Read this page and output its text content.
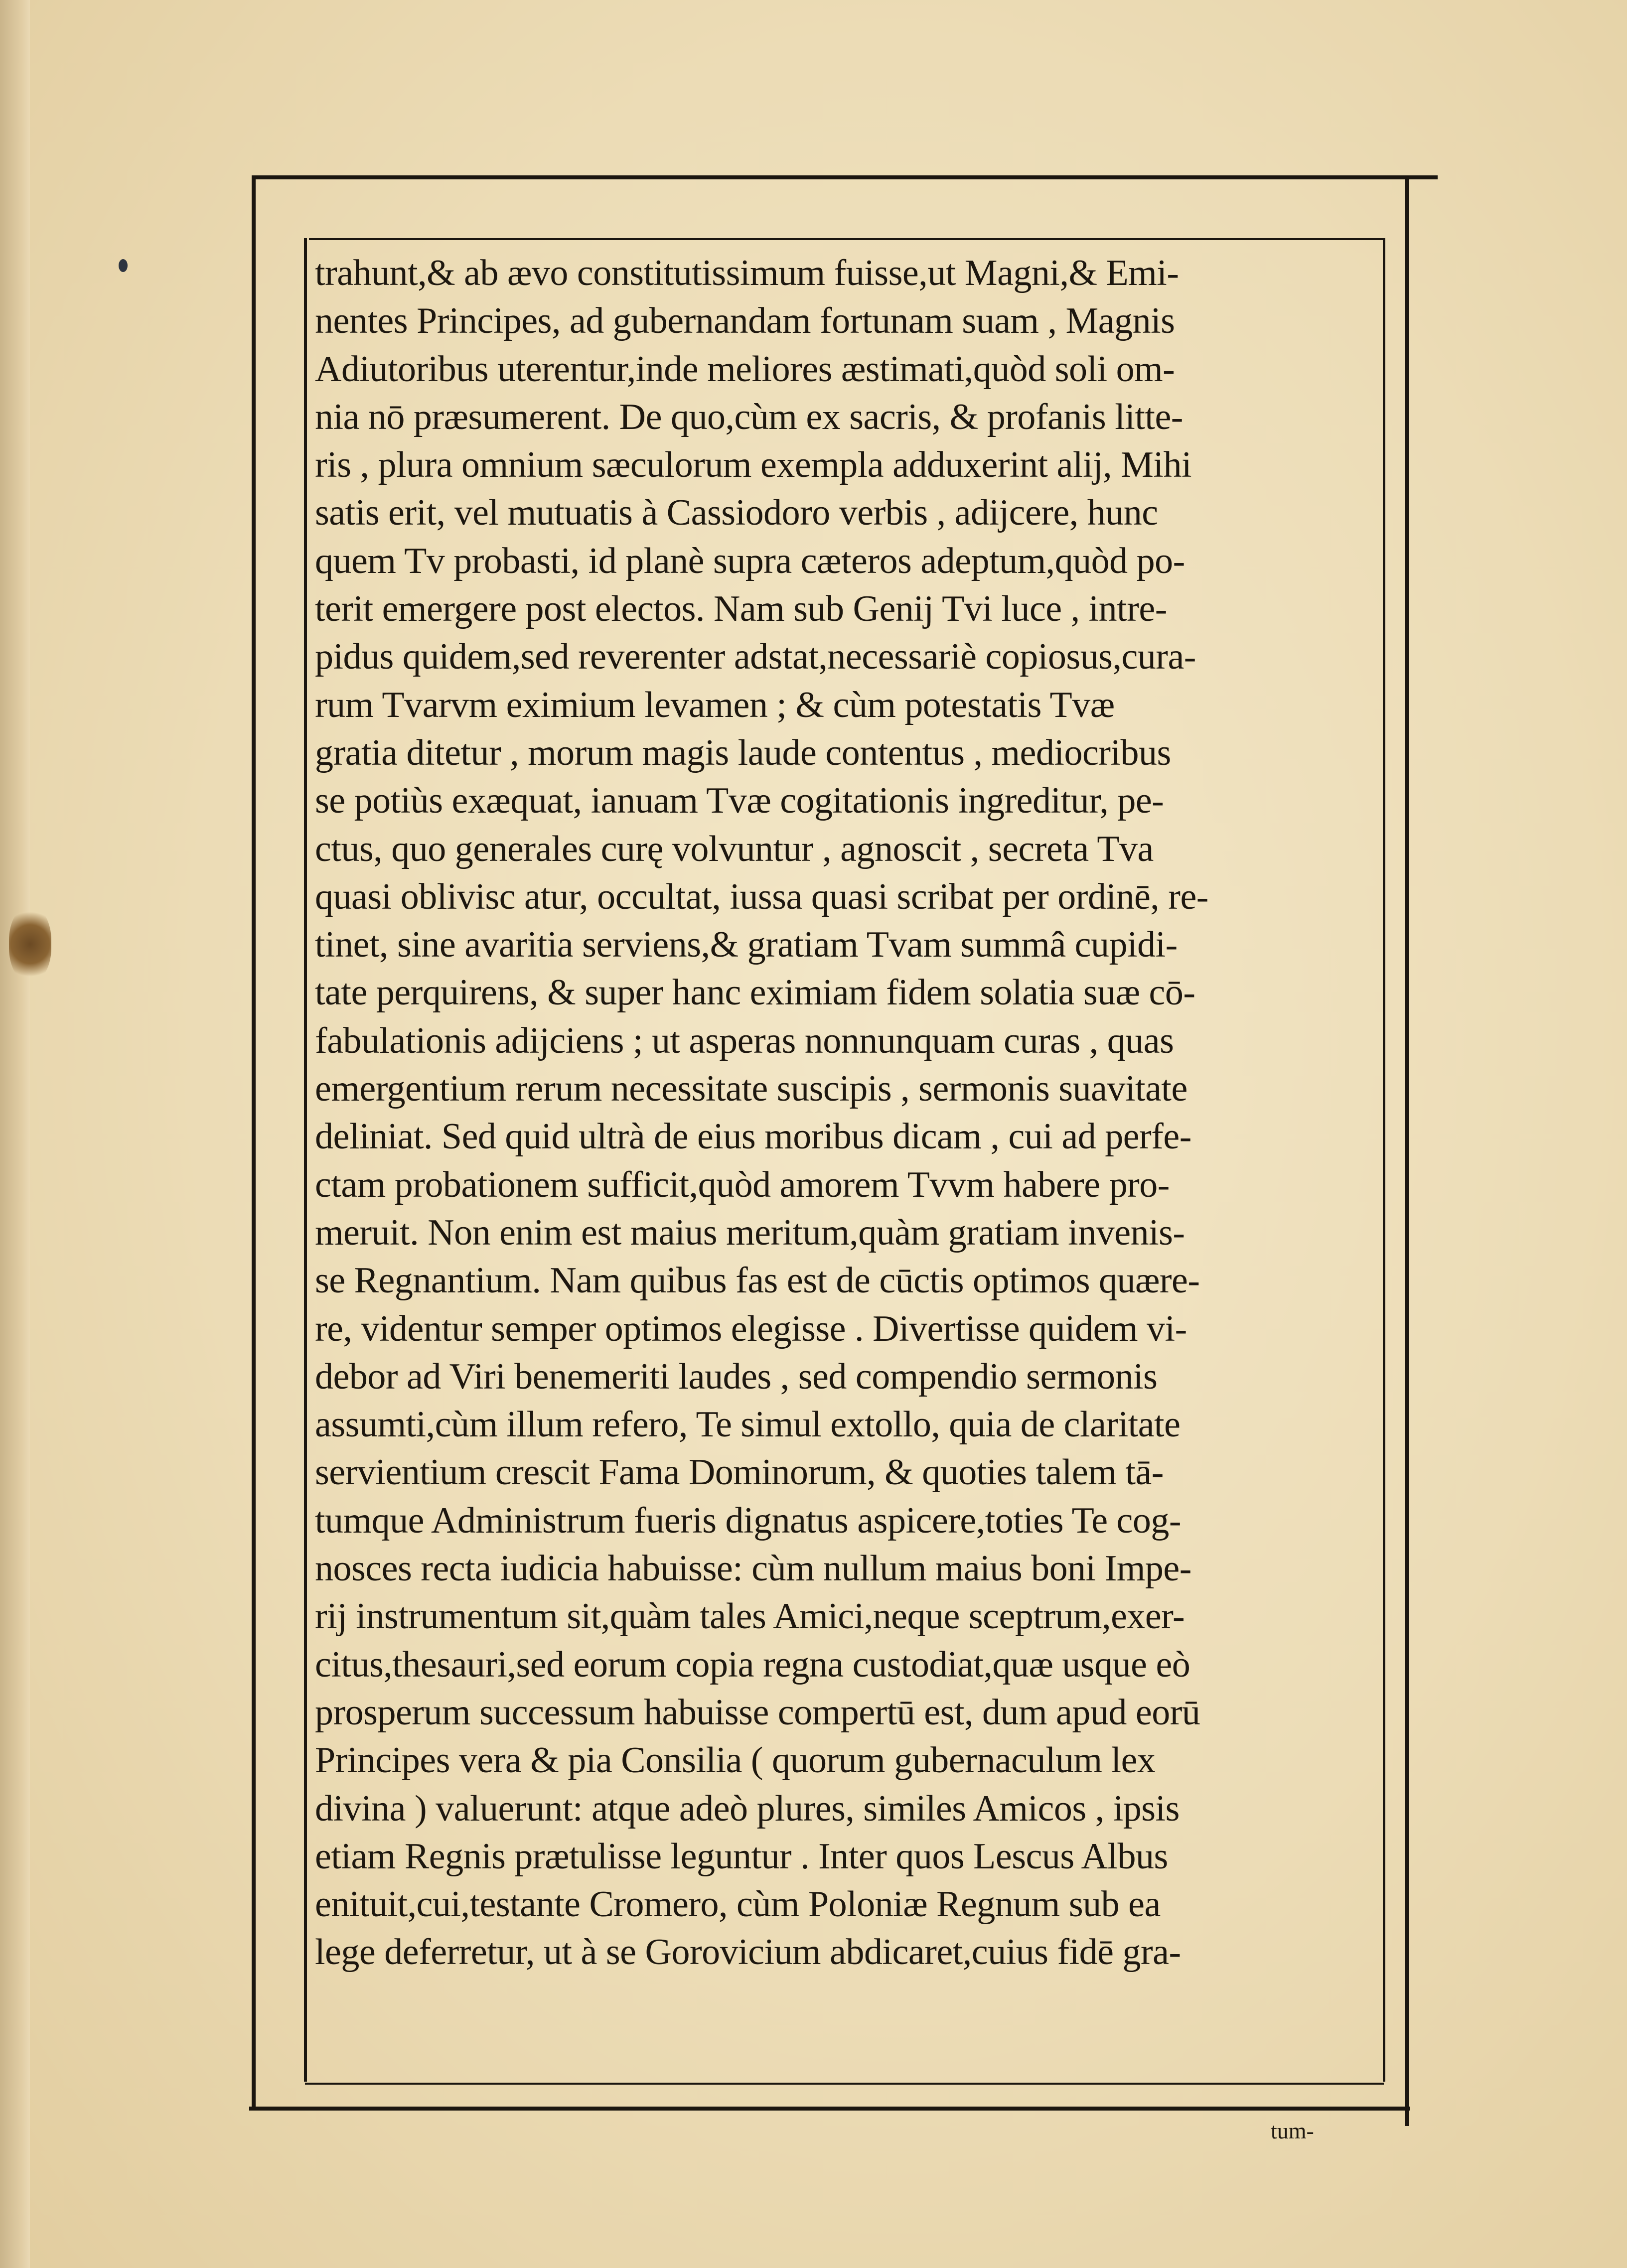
trahunt,& ab ævo constitutissimum fuisse,ut Magni,& Emi-
nentes Principes, ad gubernandam fortunam suam , Magnis
Adiutoribus uterentur,inde meliores æstimati,quòd soli om-
nia nō præsumerent. De quo,cùm ex sacris, & profanis litte-
ris , plura omnium sæculorum exempla adduxerint alij, Mihi
satis erit, vel mutuatis à Cassiodoro verbis , adijcere, hunc
quem Tv probasti, id planè supra cæteros adeptum,quòd po-
terit emergere post electos. Nam sub Genij Tvi luce , intre-
pidus quidem,sed reverenter adstat,necessariè copiosus,cura-
rum Tvarvm eximium levamen ; & cùm potestatis Tvæ
gratia ditetur , morum magis laude contentus , mediocribus
se potiùs exæquat, ianuam Tvæ cogitationis ingreditur, pe-
ctus, quo generales curę volvuntur , agnoscit , secreta Tva
quasi oblivisc atur, occultat, iussa quasi scribat per ordinē, re-
tinet, sine avaritia serviens,& gratiam Tvam summâ cupidi-
tate perquirens, & super hanc eximiam fidem solatia suæ cō-
fabulationis adijciens ; ut asperas nonnunquam curas , quas
emergentium rerum necessitate suscipis , sermonis suavitate
deliniat. Sed quid ultrà de eius moribus dicam , cui ad perfe-
ctam probationem sufficit,quòd amorem Tvvm habere pro-
meruit. Non enim est maius meritum,quàm gratiam invenis-
se Regnantium. Nam quibus fas est de cūctis optimos quære-
re, videntur semper optimos elegisse . Divertisse quidem vi-
debor ad Viri benemeriti laudes , sed compendio sermonis
assumti,cùm illum refero, Te simul extollo, quia de claritate
servientium crescit Fama Dominorum, & quoties talem tā-
tumque Administrum fueris dignatus aspicere,toties Te cog-
nosces recta iudicia habuisse: cùm nullum maius boni Impe-
rij instrumentum sit,quàm tales Amici,neque sceptrum,exer-
citus,thesauri,sed eorum copia regna custodiat,quæ usque eò
prosperum successum habuisse compertū est, dum apud eorū
Principes vera & pia Consilia ( quorum gubernaculum lex
divina ) valuerunt: atque adeò plures, similes Amicos , ipsis
etiam Regnis prætulisse leguntur . Inter quos Lescus Albus
enituit,cui,testante Cromero, cùm Poloniæ Regnum sub ea
lege deferretur, ut à se Gorovicium abdicaret,cuius fidē gra-
tum-
